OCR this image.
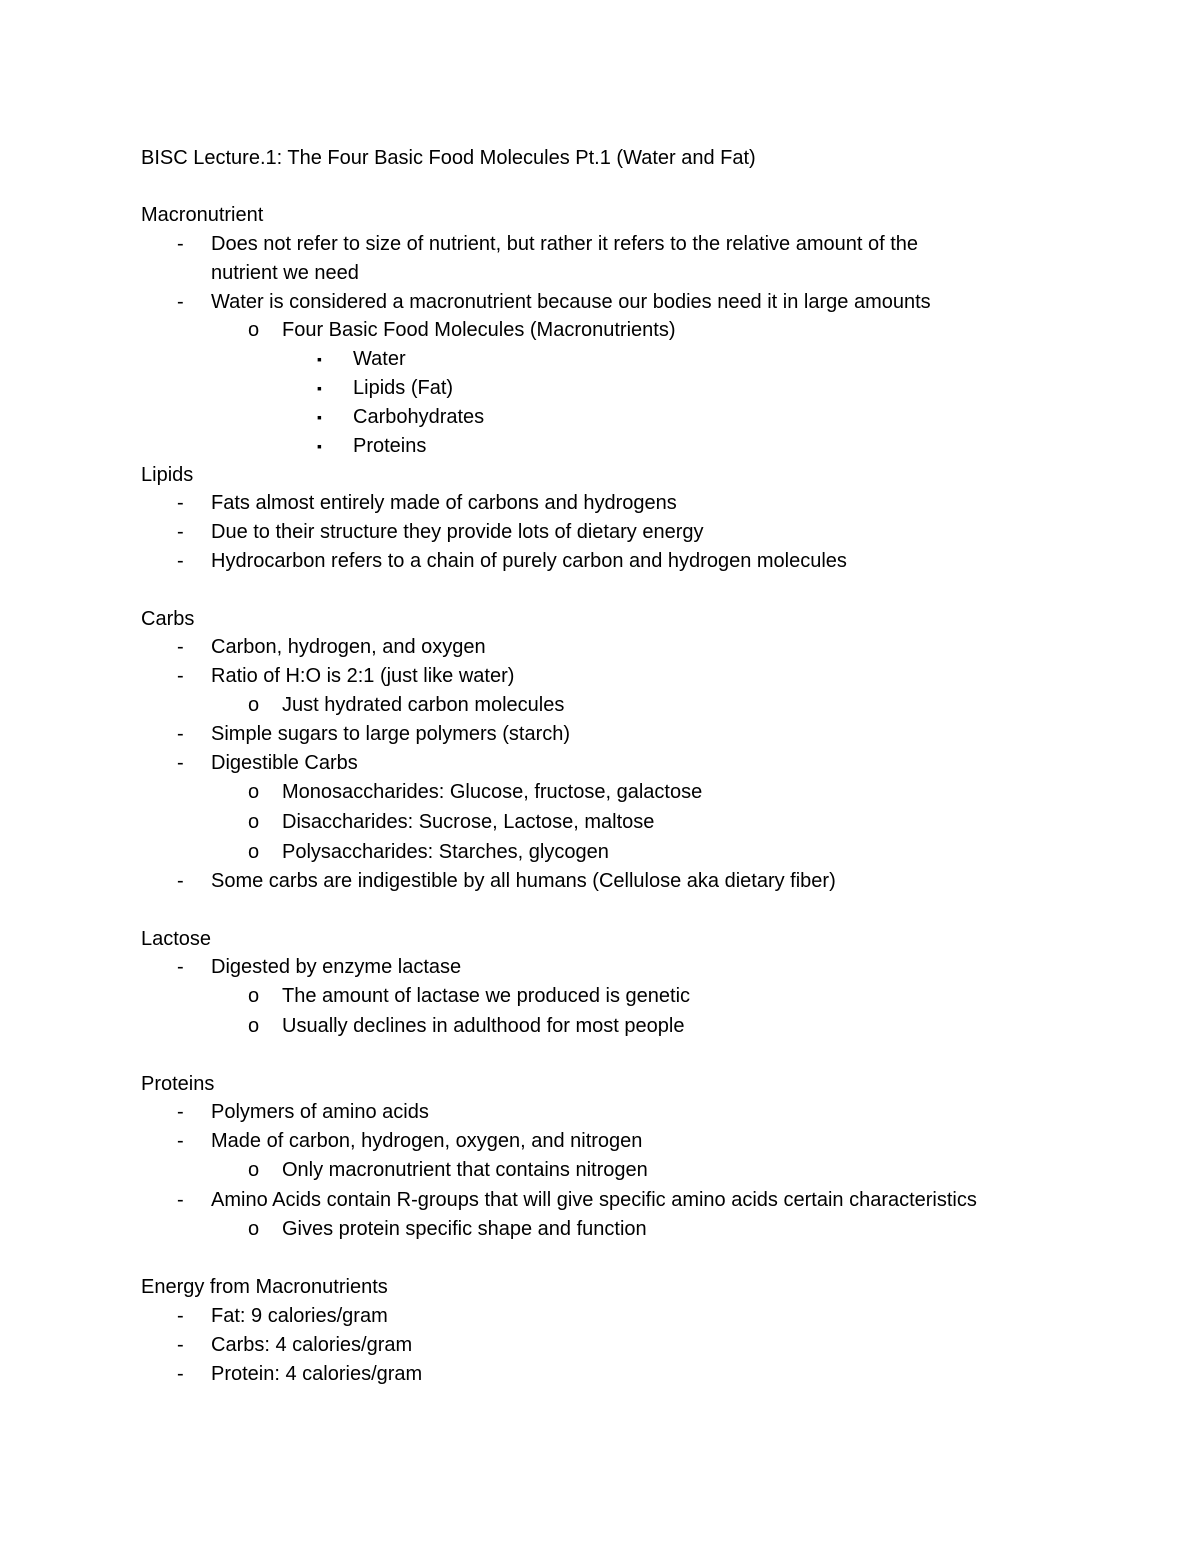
BISC Lecture.1: The Four Basic Food Molecules Pt.1 (Water and Fat)
Macronutrient
- Does not refer to size of nutrient, but rather it refers to the relative amount of the
nutrient we need
- Water is considered a macronutrient because our bodies need it in large amounts
o Four Basic Food Molecules (Macronutrients)
▪ Water
▪ Lipids (Fat)
▪ Carbohydrates
▪ Proteins
Lipids
- Fats almost entirely made of carbons and hydrogens
- Due to their structure they provide lots of dietary energy
- Hydrocarbon refers to a chain of purely carbon and hydrogen molecules
Carbs
- Carbon, hydrogen, and oxygen
- Ratio of H:O is 2:1 (just like water)
o Just hydrated carbon molecules
- Simple sugars to large polymers (starch)
- Digestible Carbs
o Monosaccharides: Glucose, fructose, galactose
o Disaccharides: Sucrose, Lactose, maltose
o Polysaccharides: Starches, glycogen
- Some carbs are indigestible by all humans (Cellulose aka dietary fiber)
Lactose
- Digested by enzyme lactase
o The amount of lactase we produced is genetic
o Usually declines in adulthood for most people
Proteins
- Polymers of amino acids
- Made of carbon, hydrogen, oxygen, and nitrogen
o Only macronutrient that contains nitrogen
- Amino Acids contain R-groups that will give specific amino acids certain characteristics
o Gives protein specific shape and function
Energy from Macronutrients
- Fat: 9 calories/gram
- Carbs: 4 calories/gram
- Protein: 4 calories/gram
